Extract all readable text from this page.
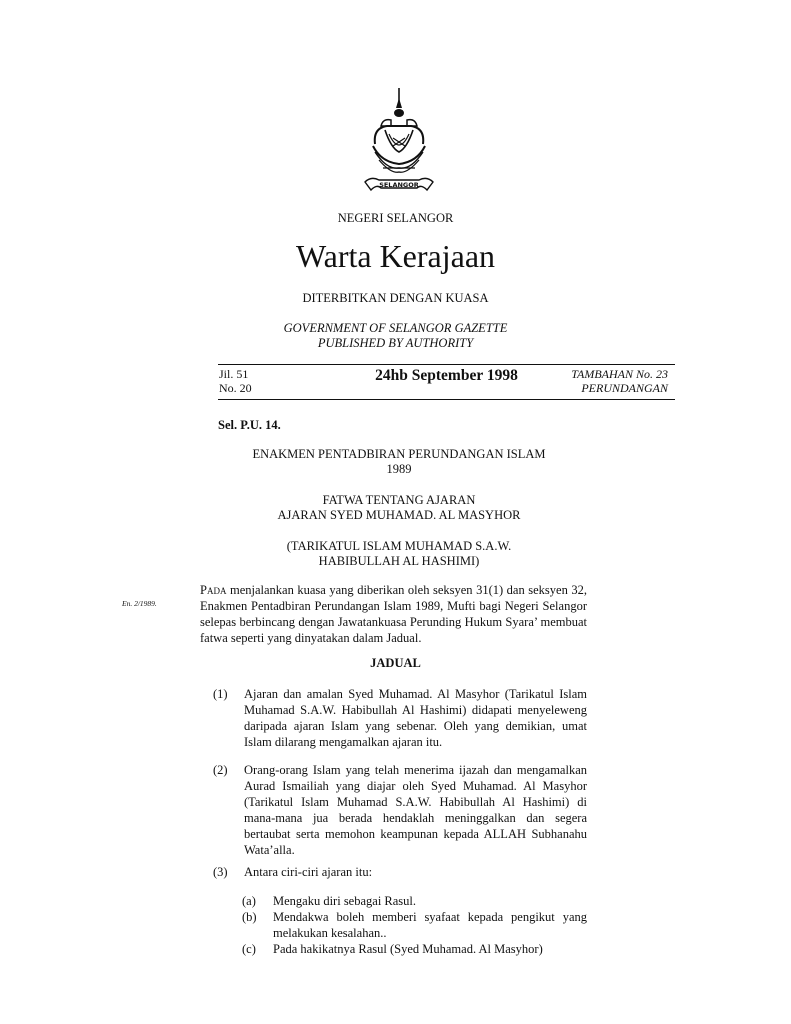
SELANGOR
NEGERI SELANGOR
Warta Kerajaan
DITERBITKAN DENGAN KUASA
GOVERNMENT OF SELANGOR GAZETTE
PUBLISHED BY AUTHORITY
Jil. 51
No. 20
24hb September 1998	TAMBAHAN No. 23
PERUNDANGAN
Sel. P.U. 14.
ENAKMEN PENTADBIRAN PERUNDANGAN ISLAM
1989
FATWA TENTANG AJARAN
AJARAN SYED MUHAMAD. AL MASYHOR
(TARIKATUL ISLAM MUHAMAD S.A.W.
HABIBULLAH AL HASHIMI)
En. 2/1989.
Pada menjalankan kuasa yang diberikan oleh seksyen 31(1) dan seksyen 32, Enakmen Pentadbiran Perundangan Islam 1989, Mufti bagi Negeri Selangor selepas berbincang dengan Jawatankuasa Perunding Hukum Syara’ membuat fatwa seperti yang dinyatakan dalam Jadual.
JADUAL
(1) Ajaran dan amalan Syed Muhamad. Al Masyhor (Tarikatul Islam Muhamad S.A.W. Habibullah Al Hashimi) didapati menyeleweng daripada ajaran Islam yang sebenar. Oleh yang demikian, umat Islam dilarang mengamalkan ajaran itu.
(2) Orang-orang Islam yang telah menerima ijazah dan mengamalkan Aurad Ismailiah yang diajar oleh Syed Muhamad. Al Masyhor (Tarikatul Islam Muhamad S.A.W. Habibullah Al Hashimi) di mana-mana jua berada hendaklah meninggalkan dan segera bertaubat serta memohon keampunan kepada ALLAH Subhanahu Wata’alla.
(3) Antara ciri-ciri ajaran itu:
(a) Mengaku diri sebagai Rasul.
(b) Mendakwa boleh memberi syafaat kepada pengikut yang melakukan kesalahan..
(c) Pada hakikatnya Rasul (Syed Muhamad. Al Masyhor)
